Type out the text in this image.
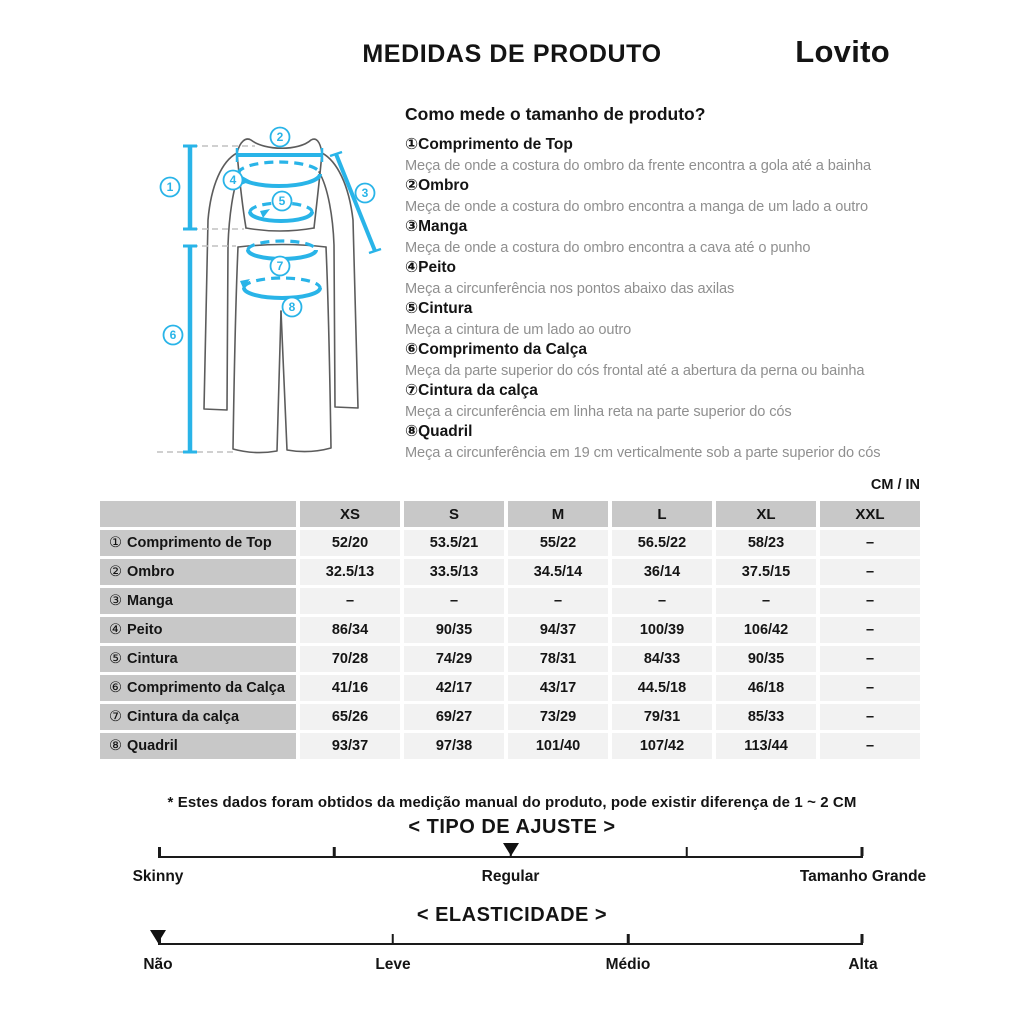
MEDIDAS DE PRODUTO	Lovito
1
2
3
4
5
6
7
8
Como mede o tamanho de produto?
①Comprimento de Top
Meça de onde a costura do ombro da frente encontra a gola até a bainha
②Ombro
Meça de onde a costura do ombro encontra a manga de um lado a outro
③Manga
Meça de onde a costura do ombro encontra a cava até o punho
④Peito
Meça a circunferência nos pontos abaixo das axilas
⑤Cintura
Meça a cintura de um lado ao outro
⑥Comprimento da Calça
Meça da parte superior do cós frontal até a abertura da perna ou bainha
⑦Cintura da calça
Meça a circunferência em linha reta na parte superior do cós
⑧Quadril
Meça a circunferência em 19 cm verticalmente sob a parte superior do cós
CM / IN
	XS	S	M	L	XL	XXL
① Comprimento de Top	52/20	53.5/21	55/22	56.5/22	58/23	–
② Ombro	32.5/13	33.5/13	34.5/14	36/14	37.5/15	–
③ Manga	–	–	–	–	–	–
④ Peito	86/34	90/35	94/37	100/39	106/42	–
⑤ Cintura	70/28	74/29	78/31	84/33	90/35	–
⑥ Comprimento da Calça	41/16	42/17	43/17	44.5/18	46/18	–
⑦ Cintura da calça	65/26	69/27	73/29	79/31	85/33	–
⑧ Quadril	93/37	97/38	101/40	107/42	113/44	–

* Estes dados foram obtidos da medição manual do produto, pode existir diferença de 1 ~ 2 CM

< TIPO DE AJUSTE >
Skinny	Regular	Tamanho Grande
< ELASTICIDADE >
Não	Leve	Médio	Alta
